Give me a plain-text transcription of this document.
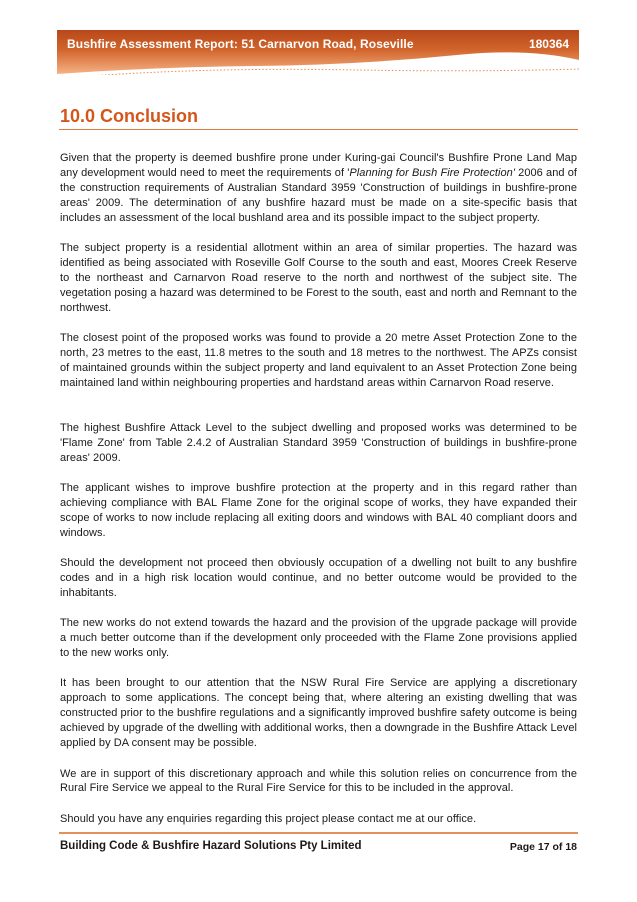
Bushfire Assessment Report: 51 Carnarvon Road, Roseville	180364
10.0 Conclusion

Given that the property is deemed bushfire prone under Kuring-gai Council's Bushfire Prone Land Map any development would need to meet the requirements of 'Planning for Bush Fire Protection' 2006 and of the construction requirements of Australian Standard 3959 'Construction of buildings in bushfire-prone areas' 2009. The determination of any bushfire hazard must be made on a site-specific basis that includes an assessment of the local bushland area and its possible impact to the subject property.

The subject property is a residential allotment within an area of similar properties. The hazard was identified as being associated with Roseville Golf Course to the south and east, Moores Creek Reserve to the northeast and Carnarvon Road reserve to the north and northwest of the subject site. The vegetation posing a hazard was determined to be Forest to the south, east and north and Remnant to the northwest.

The closest point of the proposed works was found to provide a 20 metre Asset Protection Zone to the north, 23 metres to the east, 11.8 metres to the south and 18 metres to the northwest. The APZs consist of maintained grounds within the subject property and land equivalent to an Asset Protection Zone being maintained land within neighbouring properties and hardstand areas within Carnarvon Road reserve.

The highest Bushfire Attack Level to the subject dwelling and proposed works was determined to be 'Flame Zone' from Table 2.4.2 of Australian Standard 3959 'Construction of buildings in bushfire-prone areas' 2009.

The applicant wishes to improve bushfire protection at the property and in this regard rather than achieving compliance with BAL Flame Zone for the original scope of works, they have expanded their scope of works to now include replacing all exiting doors and windows with BAL 40 compliant doors and windows.

Should the development not proceed then obviously occupation of a dwelling not built to any bushfire codes and in a high risk location would continue, and no better outcome would be provided to the inhabitants.

The new works do not extend towards the hazard and the provision of the upgrade package will provide a much better outcome than if the development only proceeded with the Flame Zone provisions applied to the new works only.

It has been brought to our attention that the NSW Rural Fire Service are applying a discretionary approach to some applications. The concept being that, where altering an existing dwelling that was constructed prior to the bushfire regulations and a significantly improved bushfire safety outcome is being achieved by upgrade of the dwelling with additional works, then a downgrade in the Bushfire Attack Level applied by DA consent may be possible.

We are in support of this discretionary approach and while this solution relies on concurrence from the Rural Fire Service we appeal to the Rural Fire Service for this to be included in the approval.

Should you have any enquiries regarding this project please contact me at our office.

Building Code & Bushfire Hazard Solutions Pty Limited	Page 17 of 18
